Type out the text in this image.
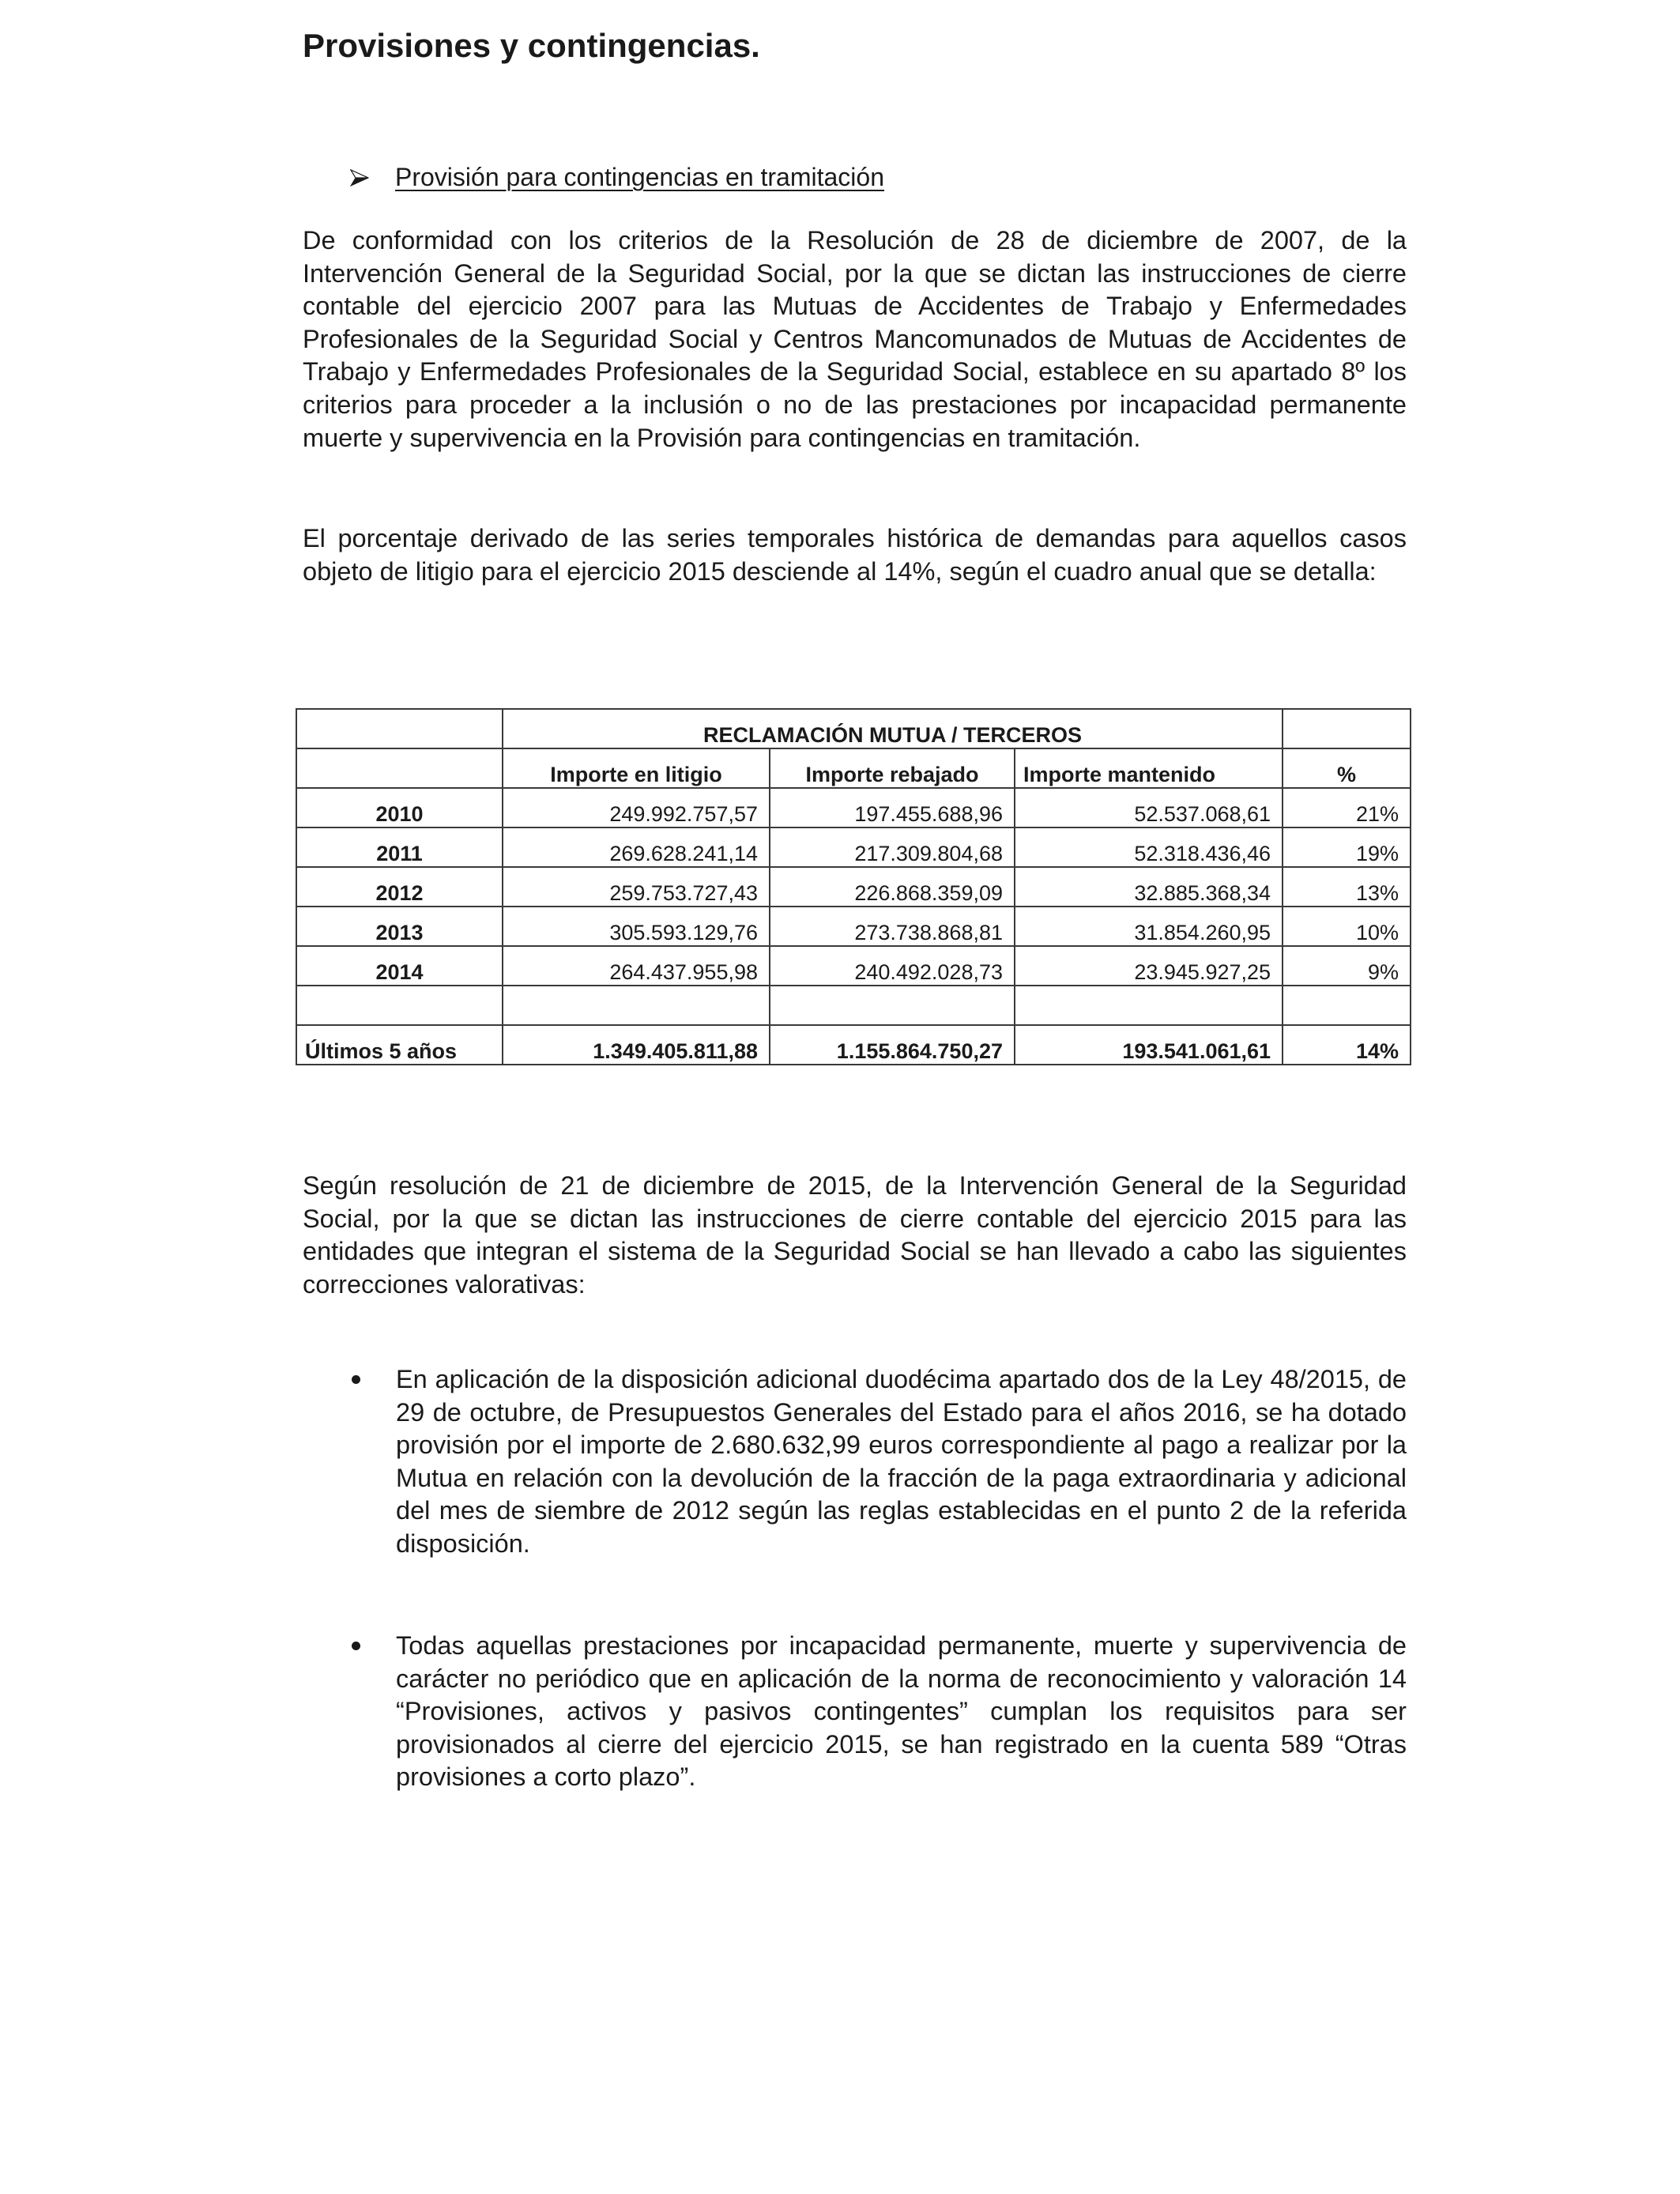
Provisiones y contingencias.
Provisión para contingencias en tramitación

De conformidad con los criterios de la Resolución de 28 de diciembre de 2007, de la Intervención General de la Seguridad Social, por la que se dictan las instrucciones de cierre contable del ejercicio 2007 para las Mutuas de Accidentes de Trabajo y Enfermedades Profesionales de la Seguridad Social y Centros Mancomunados de Mutuas de Accidentes de Trabajo y Enfermedades Profesionales de la Seguridad Social, establece en su apartado 8º los criterios para proceder a la inclusión o no de las prestaciones por incapacidad permanente muerte y supervivencia en la Provisión para contingencias en tramitación.

El porcentaje derivado de las series temporales histórica de demandas para aquellos casos objeto de litigio para el ejercicio 2015 desciende al 14%, según el cuadro anual que se detalla:

	RECLAMACIÓN MUTUA / TERCEROS			
	Importe en litigio	Importe rebajado	Importe mantenido	%
2010	249.992.757,57	197.455.688,96	52.537.068,61	21%
2011	269.628.241,14	217.309.804,68	52.318.436,46	19%
2012	259.753.727,43	226.868.359,09	32.885.368,34	13%
2013	305.593.129,76	273.738.868,81	31.854.260,95	10%
2014	264.437.955,98	240.492.028,73	23.945.927,25	9%

Últimos 5 años	1.349.405.811,88	1.155.864.750,27	193.541.061,61	14%

Según resolución de 21 de diciembre de 2015, de la Intervención General de la Seguridad Social, por la que se dictan las instrucciones de cierre contable del ejercicio 2015 para las entidades que integran el sistema de la Seguridad Social se han llevado a cabo las siguientes correcciones valorativas:

En aplicación de la disposición adicional duodécima apartado dos de la Ley 48/2015, de 29 de octubre, de Presupuestos Generales del Estado para el años 2016, se ha dotado provisión por el importe de 2.680.632,99 euros correspondiente al pago a realizar por la Mutua en relación con la devolución de la fracción de la paga extraordinaria y adicional del mes de siembre de 2012 según las reglas establecidas en el punto 2 de la referida disposición.

Todas aquellas prestaciones por incapacidad permanente, muerte y supervivencia de carácter no periódico que en aplicación de la norma de reconocimiento y valoración 14 “Provisiones, activos y pasivos contingentes” cumplan los requisitos para ser provisionados al cierre del ejercicio 2015, se han registrado en la cuenta 589 “Otras provisiones a corto plazo”.
